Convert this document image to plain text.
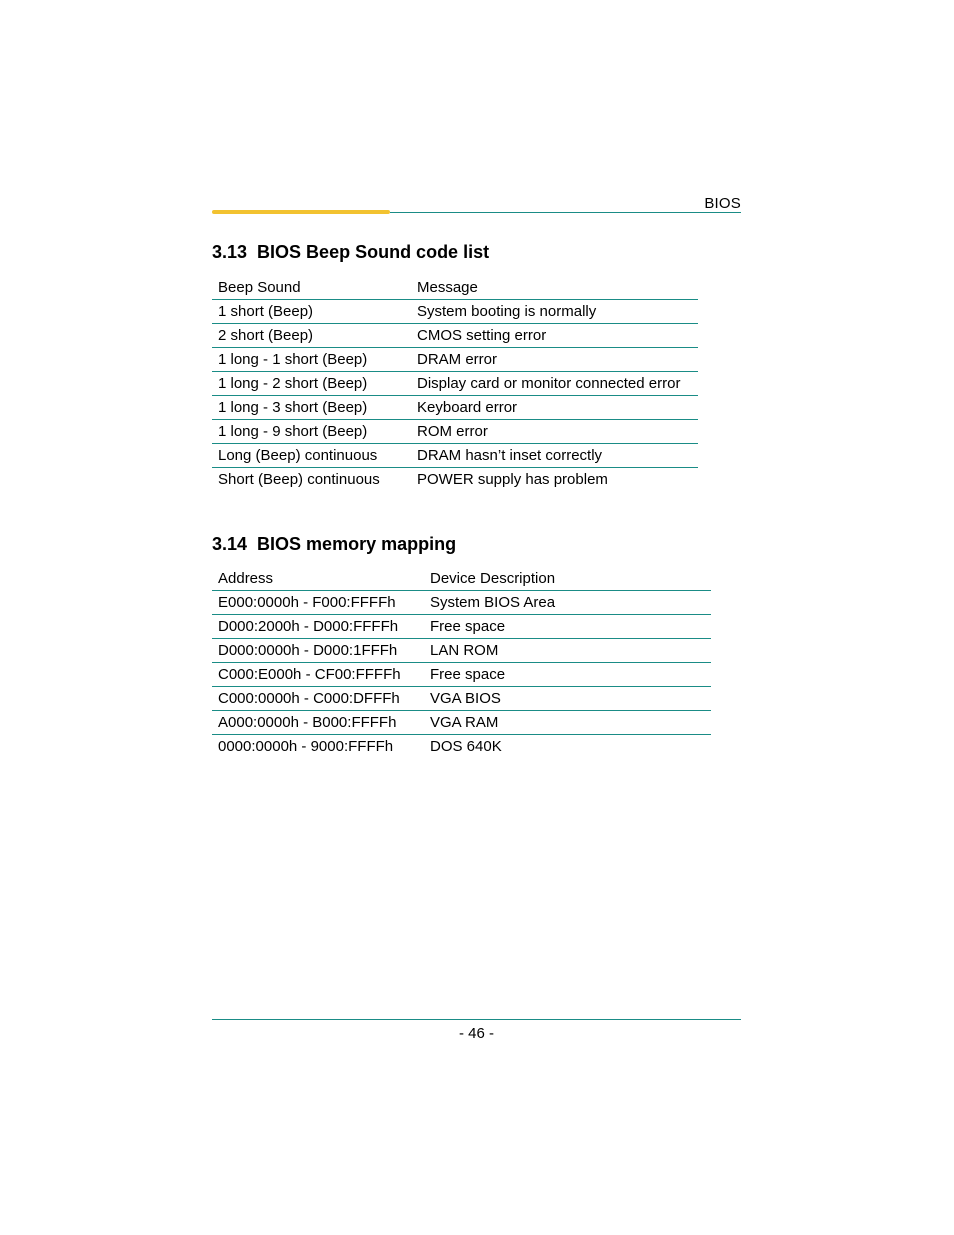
BIOS
3.13 BIOS Beep Sound code list
Beep Sound	Message
1 short (Beep)	System booting is normally
2 short (Beep)	CMOS setting error
1 long - 1 short (Beep)	DRAM error
1 long - 2 short (Beep)	Display card or monitor connected error
1 long - 3 short (Beep)	Keyboard error
1 long - 9 short (Beep)	ROM error
Long (Beep) continuous	DRAM hasn’t inset correctly
Short (Beep) continuous	POWER supply has problem
3.14 BIOS memory mapping
Address	Device Description
E000:0000h - F000:FFFFh	System BIOS Area
D000:2000h - D000:FFFFh	Free space
D000:0000h - D000:1FFFh	LAN ROM
C000:E000h - CF00:FFFFh	Free space
C000:0000h - C000:DFFFh	VGA BIOS
A000:0000h - B000:FFFFh	VGA RAM
0000:0000h - 9000:FFFFh	DOS 640K
- 46 -
